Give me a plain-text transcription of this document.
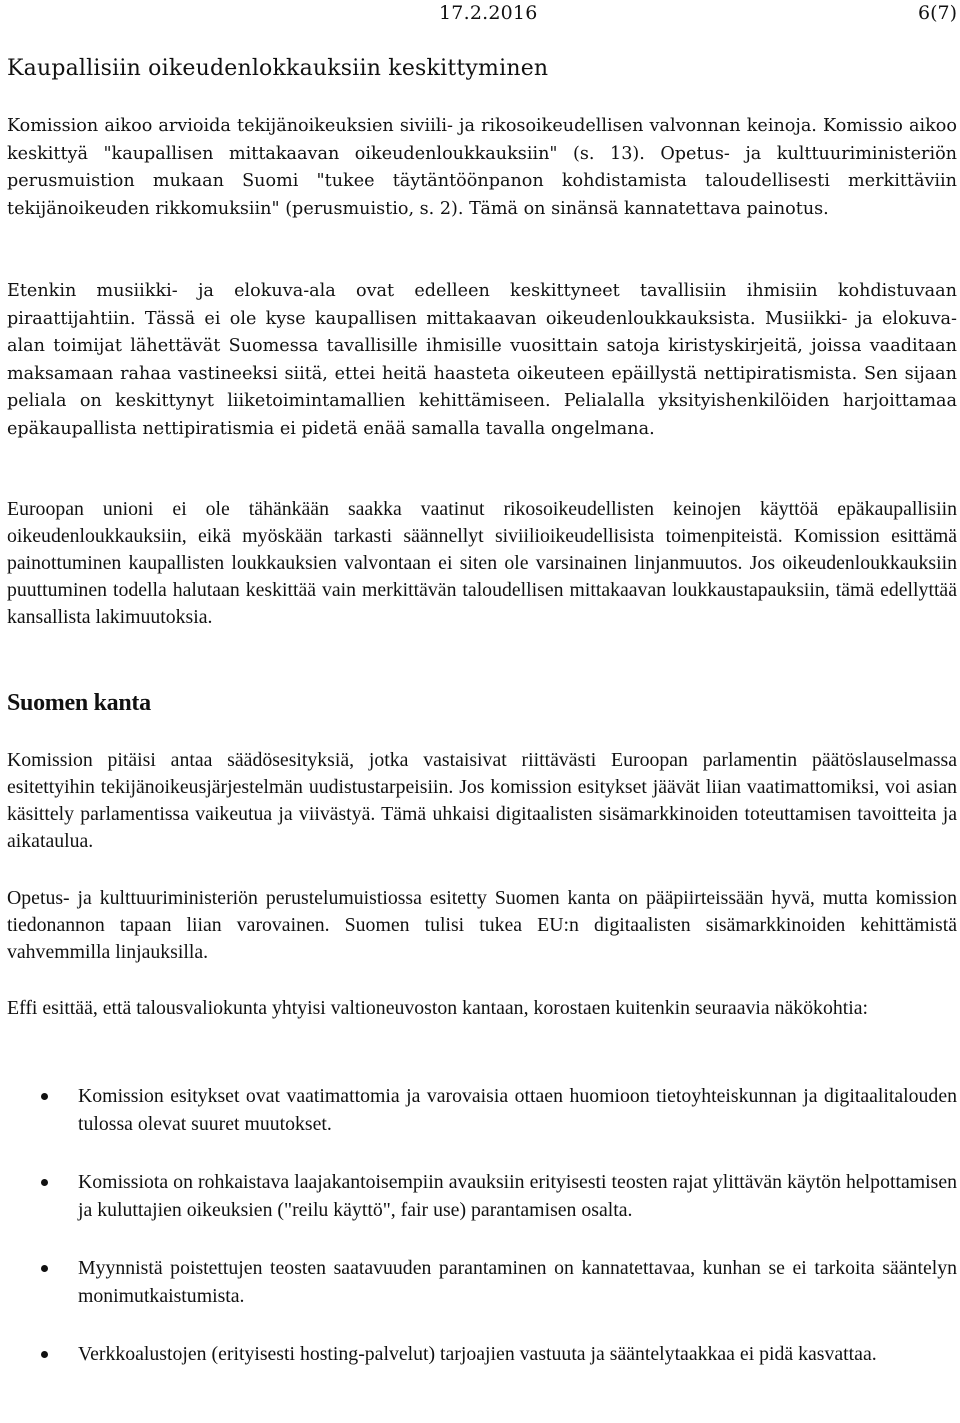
17.2.2016	6(7)
Kaupallisiin oikeudenlokkauksiin keskittyminen

Komission aikoo arvioida tekijänoikeuksien siviili- ja rikosoikeudellisen valvonnan keinoja. Komissio aikoo keskittyä "kaupallisen mittakaavan oikeudenloukkauksiin" (s. 13). Opetus- ja kulttuuriministeriön perusmuistion mukaan Suomi "tukee täytäntöönpanon kohdistamista taloudellisesti merkittäviin tekijänoikeuden rikkomuksiin" (perusmuistio, s. 2). Tämä on sinänsä kannatettava painotus.

Etenkin musiikki- ja elokuva-ala ovat edelleen keskittyneet tavallisiin ihmisiin kohdistuvaan piraattijahtiin. Tässä ei ole kyse kaupallisen mittakaavan oikeudenloukkauksista. Musiikki- ja elokuva-alan toimijat lähettävät Suomessa tavallisille ihmisille vuosittain satoja kiristyskirjeitä, joissa vaaditaan maksamaan rahaa vastineeksi siitä, ettei heitä haasteta oikeuteen epäillystä nettipiratismista. Sen sijaan peliala on keskittynyt liiketoimintamallien kehittämiseen. Pelialalla yksityishenkilöiden harjoittamaa epäkaupallista nettipiratismia ei pidetä enää samalla tavalla ongelmana.

Euroopan unioni ei ole tähänkään saakka vaatinut rikosoikeudellisten keinojen käyttöä epäkaupallisiin oikeudenloukkauksiin, eikä myöskään tarkasti säännellyt siviilioikeudellisista toimenpiteistä. Komission esittämä painottuminen kaupallisten loukkauksien valvontaan ei siten ole varsinainen linjanmuutos. Jos oikeudenloukkauksiin puuttuminen todella halutaan keskittää vain merkittävän taloudellisen mittakaavan loukkaustapauksiin, tämä edellyttää kansallista lakimuutoksia.

Suomen kanta

Komission pitäisi antaa säädösesityksiä, jotka vastaisivat riittävästi Euroopan parlamentin päätöslauselmassa esitettyihin tekijänoikeusjärjestelmän uudistustarpeisiin. Jos komission esitykset jäävät liian vaatimattomiksi, voi asian käsittely parlamentissa vaikeutua ja viivästyä. Tämä uhkaisi digitaalisten sisämarkkinoiden toteuttamisen tavoitteita ja aikataulua.

Opetus- ja kulttuuriministeriön perustelumuistiossa esitetty Suomen kanta on pääpiirteissään hyvä, mutta komission tiedonannon tapaan liian varovainen. Suomen tulisi tukea EU:n digitaalisten sisämarkkinoiden kehittämistä vahvemmilla linjauksilla.

Effi esittää, että talousvaliokunta yhtyisi valtioneuvoston kantaan, korostaen kuitenkin seuraavia näkökohtia:

Komission esitykset ovat vaatimattomia ja varovaisia ottaen huomioon tietoyhteiskunnan ja digitaalitalouden tulossa olevat suuret muutokset.
Komissiota on rohkaistava laajakantoisempiin avauksiin erityisesti teosten rajat ylittävän käytön helpottamisen ja kuluttajien oikeuksien ("reilu käyttö", fair use) parantamisen osalta.
Myynnistä poistettujen teosten saatavuuden parantaminen on kannatettavaa, kunhan se ei tarkoita sääntelyn monimutkaistumista.
Verkkoalustojen (erityisesti hosting-palvelut) tarjoajien vastuuta ja sääntelytaakkaa ei pidä kasvattaa.
